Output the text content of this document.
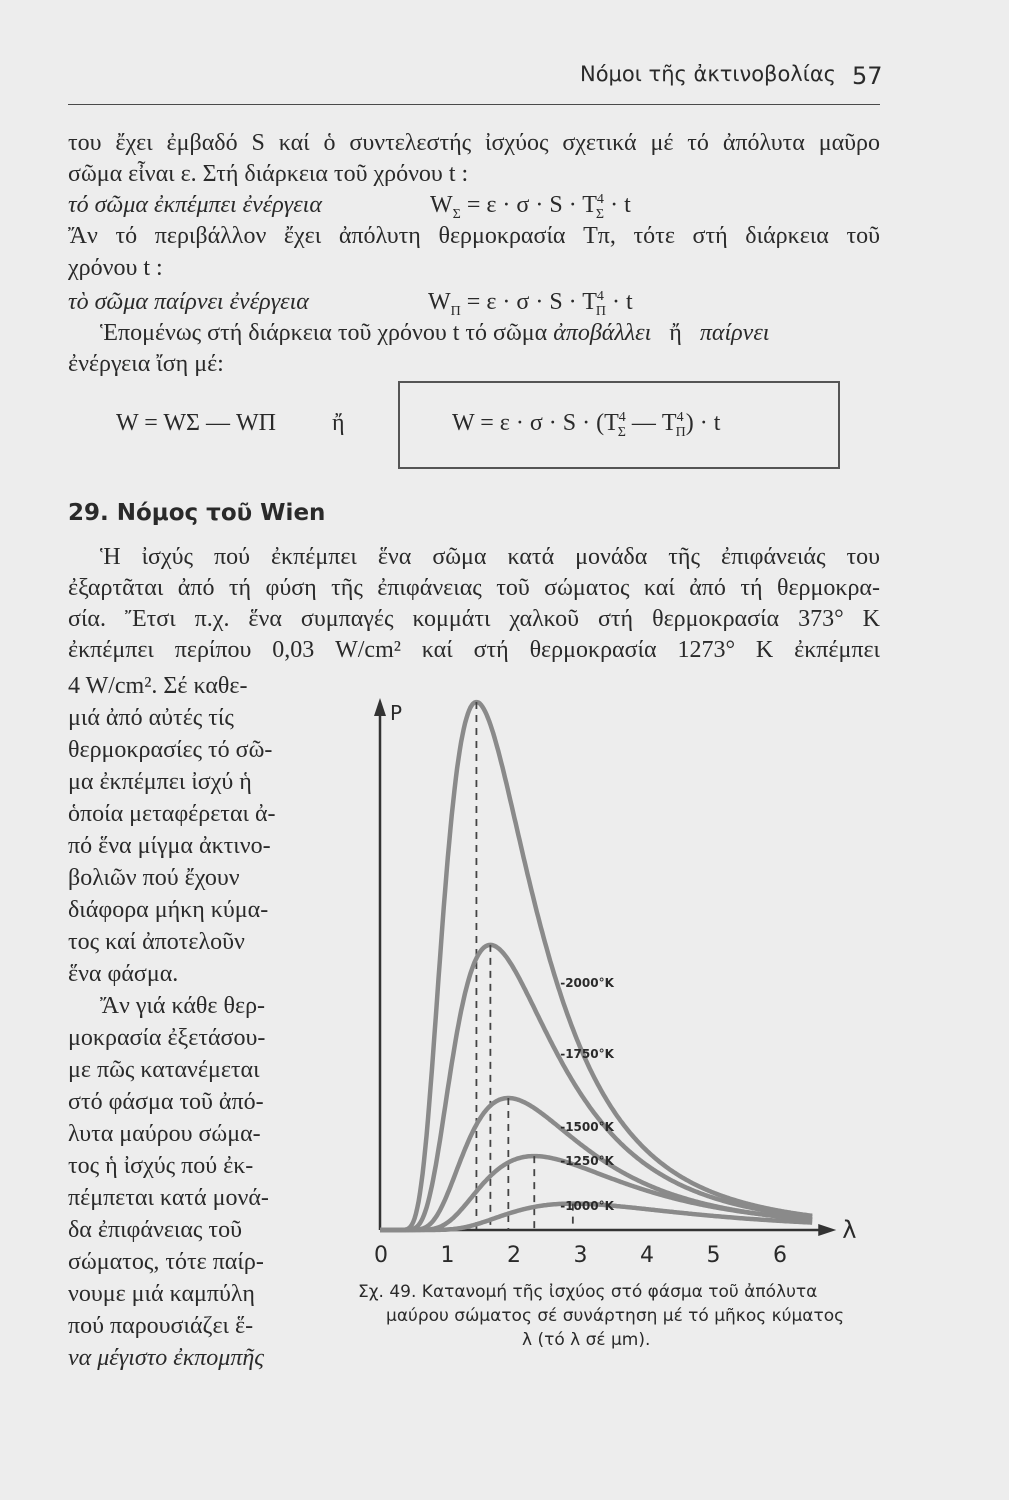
Νόμοι τῆς ἀκτινοβολίας 57
του ἔχει ἐμβαδό S καί ὁ συντελεστής ἰσχύος σχετικά μέ τό ἀπόλυτα μαῦρο
σῶμα εἶναι ε. Στή διάρκεια τοῦ χρόνου t :
τό σῶμα ἐκπέμπει ἐνέργεια	$W_\Sigma = \varepsilon \cdot \sigma \cdot S \cdot T^4_\Sigma \cdot t$
Ἄν τό περιβάλλον ἔχει ἀπόλυτη θερμοκρασία Tπ, τότε στή διάρκεια τοῦ
χρόνου t :
τὸ σῶμα παίρνει ἐνέργεια	$W_\Pi = \varepsilon \cdot \sigma \cdot S \cdot T^4_\Pi \cdot t$
Ἑπομένως στή διάρκεια τοῦ χρόνου t τό σῶμα ἀποβάλλει ἤ παίρνει
ἐνέργεια ἴση μέ:
W = WΣ — WΠ ἤ	$W = \varepsilon \cdot \sigma \cdot S \cdot (T^4_\Sigma$ — $T^4_\Pi) \cdot t$
29. Νόμος τοῦ Wien
Ἡ ἰσχύς πού ἐκπέμπει ἕνα σῶμα κατά μονάδα τῆς ἐπιφάνειάς του
ἐξαρτᾶται ἀπό τή φύση τῆς ἐπιφάνειας τοῦ σώματος καί ἀπό τή θερμοκρα-
σία. Ἔτσι π.χ. ἕνα συμπαγές κομμάτι χαλκοῦ στή θερμοκρασία 373° K
ἐκπέμπει περίπου 0,03 W/cm² καί στή θερμοκρασία 1273° K ἐκπέμπει
4 W/cm². Σέ καθε-
μιά ἀπό αὐτές τίς
θερμοκρασίες τό σῶ-
μα ἐκπέμπει ἰσχύ ἡ
ὁποία μεταφέρεται ἀ-
πό ἕνα μίγμα ἀκτινο-
βολιῶν πού ἔχουν
διάφορα μήκη κύμα-
τος καί ἀποτελοῦν
ἕνα φάσμα.
Ἄν γιά κάθε θερ-
μοκρασία ἐξετάσου-
με πῶς κατανέμεται
στό φάσμα τοῦ ἀπό-
λυτα μαύρου σώμα-
τος ἡ ἰσχύς πού ἐκ-
πέμπεται κατά μονά-
δα ἐπιφάνειας τοῦ
σώματος, τότε παίρ-
νουμε μιά καμπύλη
πού παρουσιάζει ἕ-
να μέγιστο ἐκπομπῆς
P
λ
0 1 2 3 4 5 6
-2000°K
-1750°K
-1500°K
-1250°K
-1000°K
Σχ. 49. Κατανομή τῆς ἰσχύος στό φάσμα τοῦ ἀπόλυτα
μαύρου σώματος σέ συνάρτηση μέ τό μῆκος κύματος
λ (τό λ σέ μm).
